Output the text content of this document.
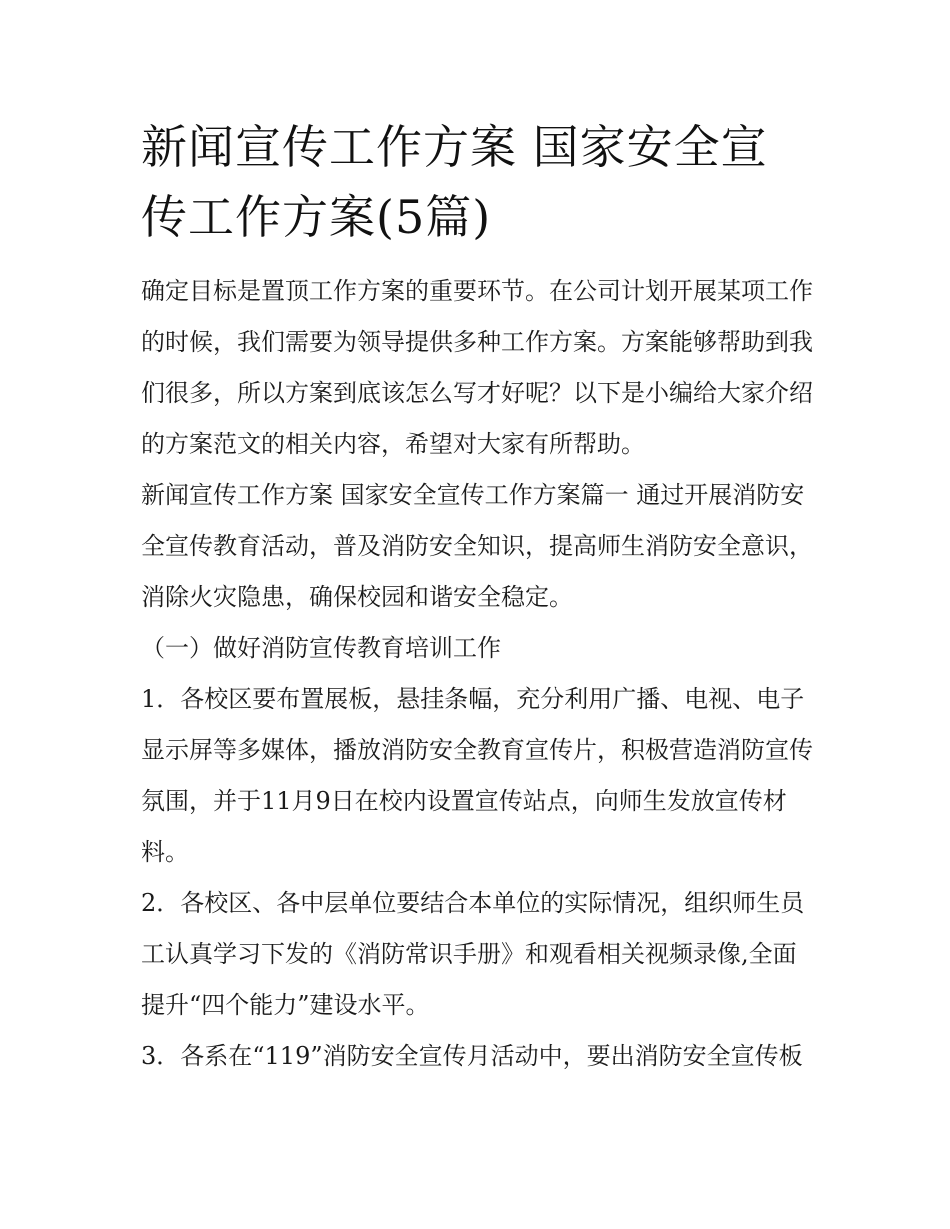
新闻宣传工作方案 国家安全宣传工作方案(5篇)

确定目标是置顶工作方案的重要环节。在公司计划开展某项工作的时候，我们需要为领导提供多种工作方案。方案能够帮助到我们很多，所以方案到底该怎么写才好呢？以下是小编给大家介绍的方案范文的相关内容，希望对大家有所帮助。

新闻宣传工作方案 国家安全宣传工作方案篇一 通过开展消防安全宣传教育活动，普及消防安全知识，提高师生消防安全意识，消除火灾隐患，确保校园和谐安全稳定。

（一）做好消防宣传教育培训工作

1．各校区要布置展板，悬挂条幅，充分利用广播、电视、电子显示屏等多媒体，播放消防安全教育宣传片，积极营造消防宣传氛围，并于11月9日在校内设置宣传站点，向师生发放宣传材料。

2．各校区、各中层单位要结合本单位的实际情况，组织师生员工认真学习下发的《消防常识手册》和观看相关视频录像,全面提升“四个能力”建设水平。

3．各系在“119”消防安全宣传月活动中，要出消防安全宣传板
